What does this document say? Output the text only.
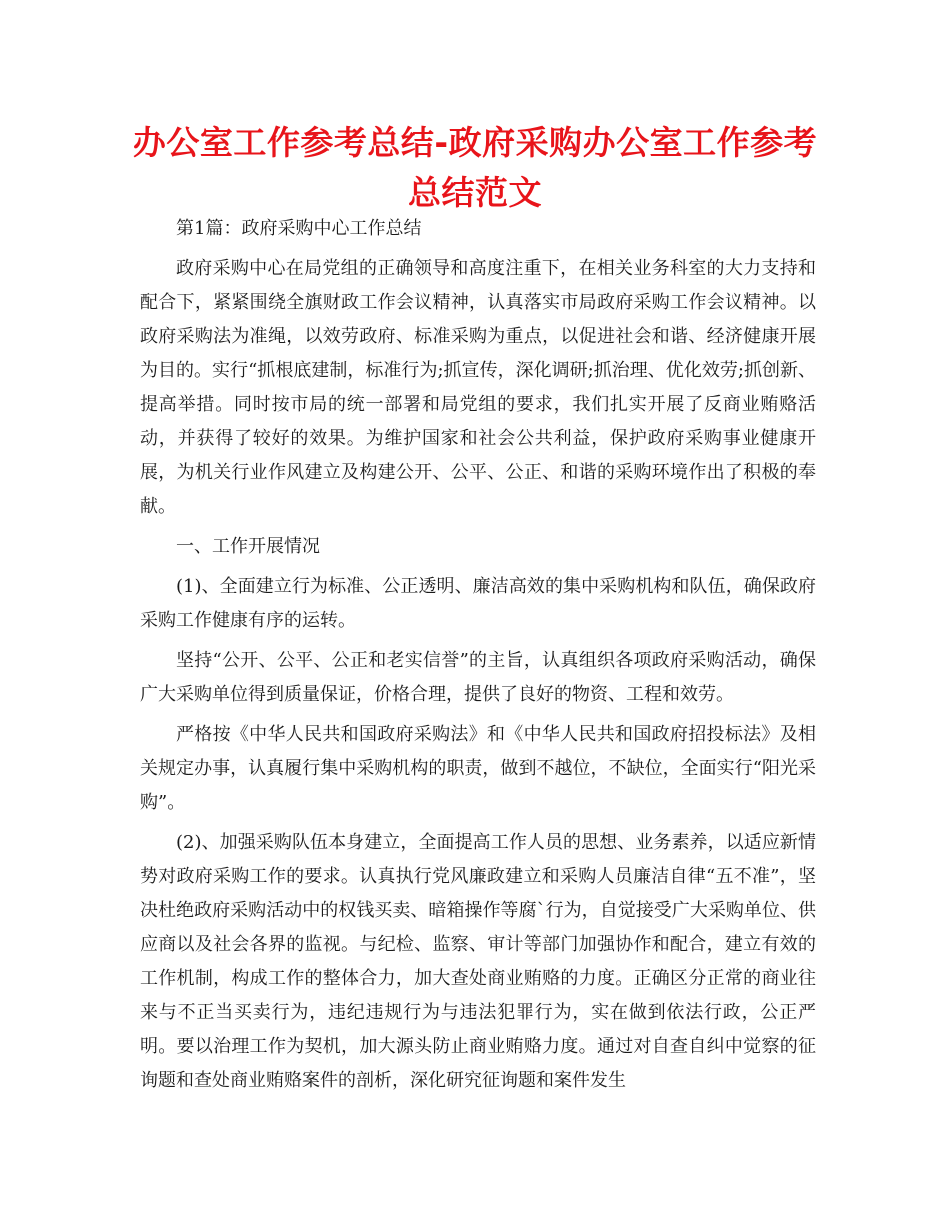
办公室工作参考总结-政府采购办公室工作参考总结范文

第1篇：政府采购中心工作总结

政府采购中心在局党组的正确领导和高度注重下，在相关业务科室的大力支持和配合下，紧紧围绕全旗财政工作会议精神，认真落实市局政府采购工作会议精神。以政府采购法为准绳，以效劳政府、标准采购为重点，以促进社会和谐、经济健康开展为目的。实行“抓根底建制，标准行为;抓宣传，深化调研;抓治理、优化效劳;抓创新、提高举措。同时按市局的统一部署和局党组的要求，我们扎实开展了反商业贿赂活动，并获得了较好的效果。为维护国家和社会公共利益，保护政府采购事业健康开展，为机关行业作风建立及构建公开、公平、公正、和谐的采购环境作出了积极的奉献。

一、工作开展情况

(1)、全面建立行为标准、公正透明、廉洁高效的集中采购机构和队伍，确保政府采购工作健康有序的运转。

坚持“公开、公平、公正和老实信誉”的主旨，认真组织各项政府采购活动，确保广大采购单位得到质量保证，价格合理，提供了良好的物资、工程和效劳。

严格按《中华人民共和国政府采购法》和《中华人民共和国政府招投标法》及相关规定办事，认真履行集中采购机构的职责，做到不越位，不缺位，全面实行“阳光采购”。

(2)、加强采购队伍本身建立，全面提高工作人员的思想、业务素养，以适应新情势对政府采购工作的要求。认真执行党风廉政建立和采购人员廉洁自律“五不准”，坚决杜绝政府采购活动中的权钱买卖、暗箱操作等腐`行为，自觉接受广大采购单位、供应商以及社会各界的监视。与纪检、监察、审计等部门加强协作和配合，建立有效的工作机制，构成工作的整体合力，加大查处商业贿赂的力度。正确区分正常的商业往来与不正当买卖行为，违纪违规行为与违法犯罪行为，实在做到依法行政，公正严明。要以治理工作为契机，加大源头防止商业贿赂力度。通过对自查自纠中觉察的征询题和查处商业贿赂案件的剖析，深化研究征询题和案件发生
